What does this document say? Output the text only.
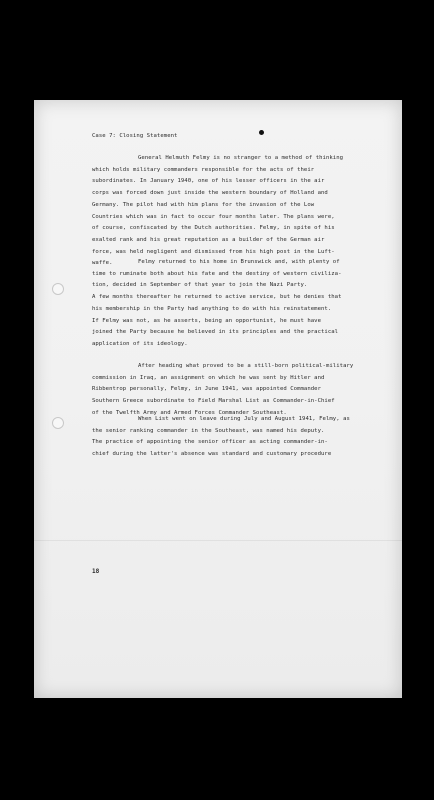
Case 7: Closing Statement
General Helmuth Felmy is no stranger to a method of thinking
which holds military commanders responsible for the acts of their
subordinates. In January 1940, one of his lesser officers in the air
corps was forced down just inside the western boundary of Holland and
Germany. The pilot had with him plans for the invasion of the Low
Countries which was in fact to occur four months later. The plans were,
of course, confiscated by the Dutch authorities. Felmy, in spite of his
exalted rank and his great reputation as a builder of the German air
force, was held negligent and dismissed from his high post in the Luft-
waffe.	Felmy returned to his home in Brunswick and, with plenty of
time to ruminate both about his fate and the destiny of western civiliza-
tion, decided in September of that year to join the Nazi Party.
A few months thereafter he returned to active service, but he denies that
his membership in the Party had anything to do with his reinstatement.
If Felmy was not, as he asserts, being an opportunist, he must have
joined the Party because he believed in its principles and the practical
application of its ideology.
After heading what proved to be a still-born political-military
commission in Iraq, an assignment on which he was sent by Hitler and
Ribbentrop personally, Felmy, in June 1941, was appointed Commander
Southern Greece subordinate to Field Marshal List as Commander-in-Chief
of the Twelfth Army and Armed Forces Commander Southeast.
When List went on leave during July and August 1941, Felmy, as
the senior ranking commander in the Southeast, was named his deputy.
The practice of appointing the senior officer as acting commander-in-
chief during the latter's absence was standard and customary procedure
18
